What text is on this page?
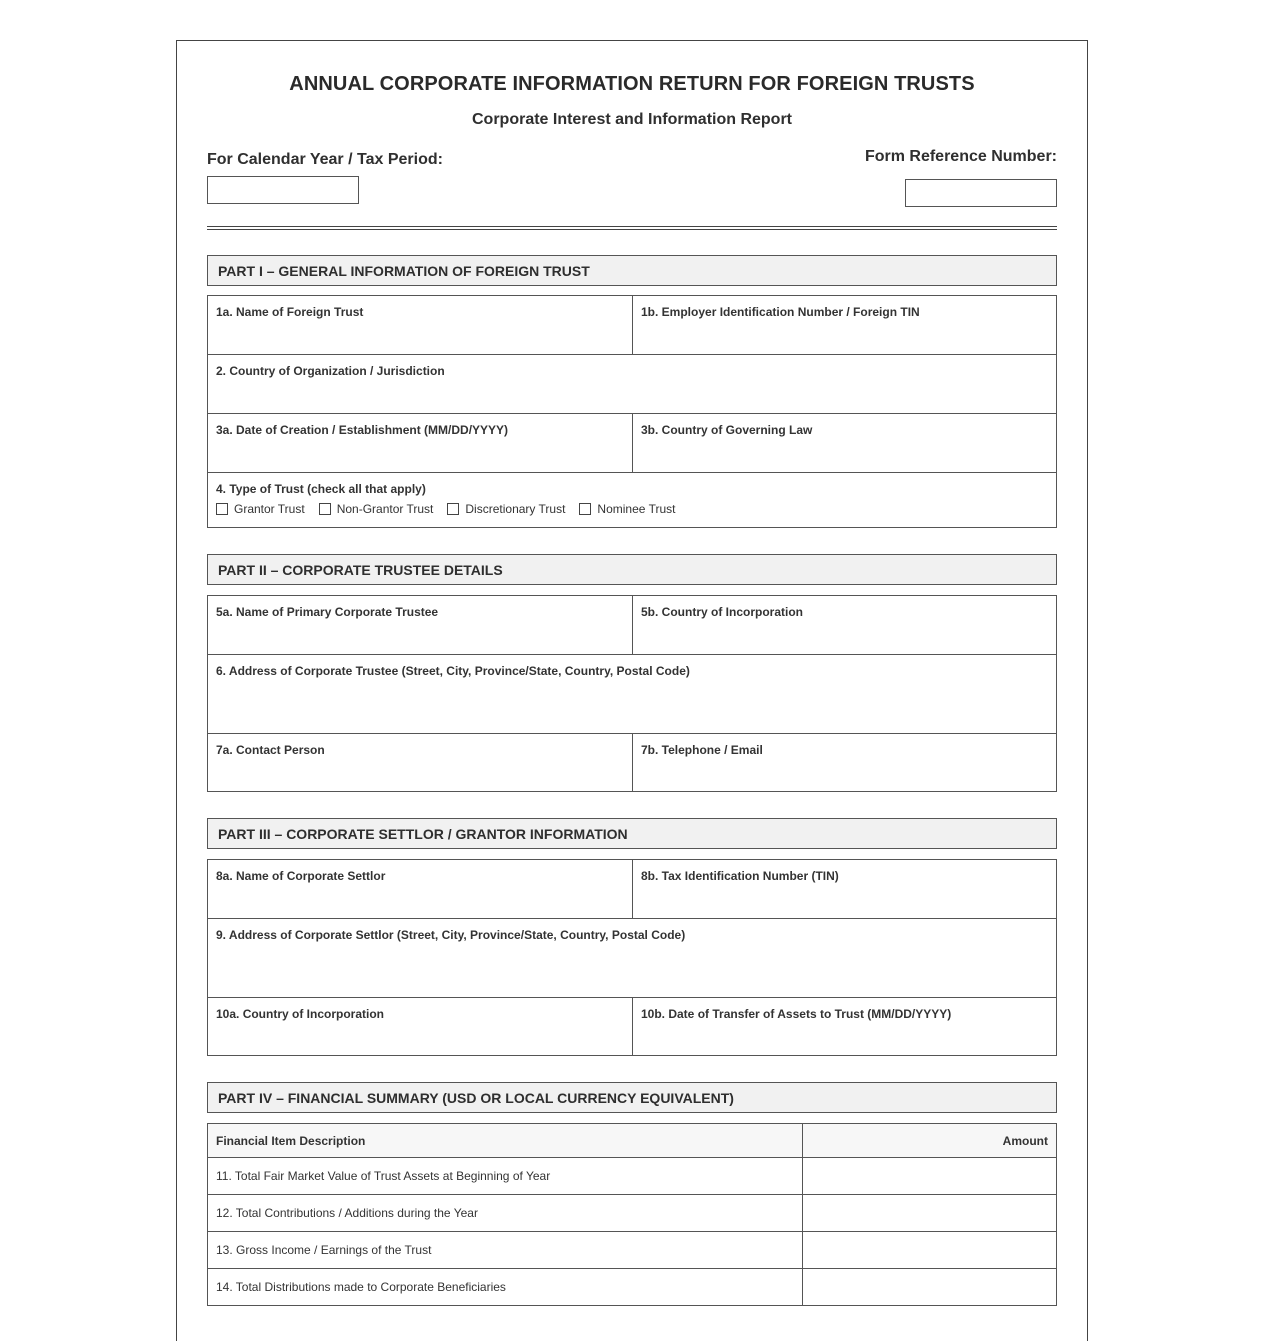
ANNUAL CORPORATE INFORMATION RETURN FOR FOREIGN TRUSTS
Corporate Interest and Information Report
For Calendar Year / Tax Period:	Form Reference Number:
PART I – GENERAL INFORMATION OF FOREIGN TRUST
1a. Name of Foreign Trust	1b. Employer Identification Number / Foreign TIN
2. Country of Organization / Jurisdiction
3a. Date of Creation / Establishment (MM/DD/YYYY)	3b. Country of Governing Law
4. Type of Trust (check all that apply)
Grantor Trust	Non-Grantor Trust	Discretionary Trust	Nominee Trust
PART II – CORPORATE TRUSTEE DETAILS
5a. Name of Primary Corporate Trustee	5b. Country of Incorporation
6. Address of Corporate Trustee (Street, City, Province/State, Country, Postal Code)
7a. Contact Person	7b. Telephone / Email
PART III – CORPORATE SETTLOR / GRANTOR INFORMATION
8a. Name of Corporate Settlor	8b. Tax Identification Number (TIN)
9. Address of Corporate Settlor (Street, City, Province/State, Country, Postal Code)
10a. Country of Incorporation	10b. Date of Transfer of Assets to Trust (MM/DD/YYYY)
PART IV – FINANCIAL SUMMARY (USD OR LOCAL CURRENCY EQUIVALENT)
Financial Item Description	Amount
11. Total Fair Market Value of Trust Assets at Beginning of Year	
12. Total Contributions / Additions during the Year	
13. Gross Income / Earnings of the Trust	
14. Total Distributions made to Corporate Beneficiaries	
